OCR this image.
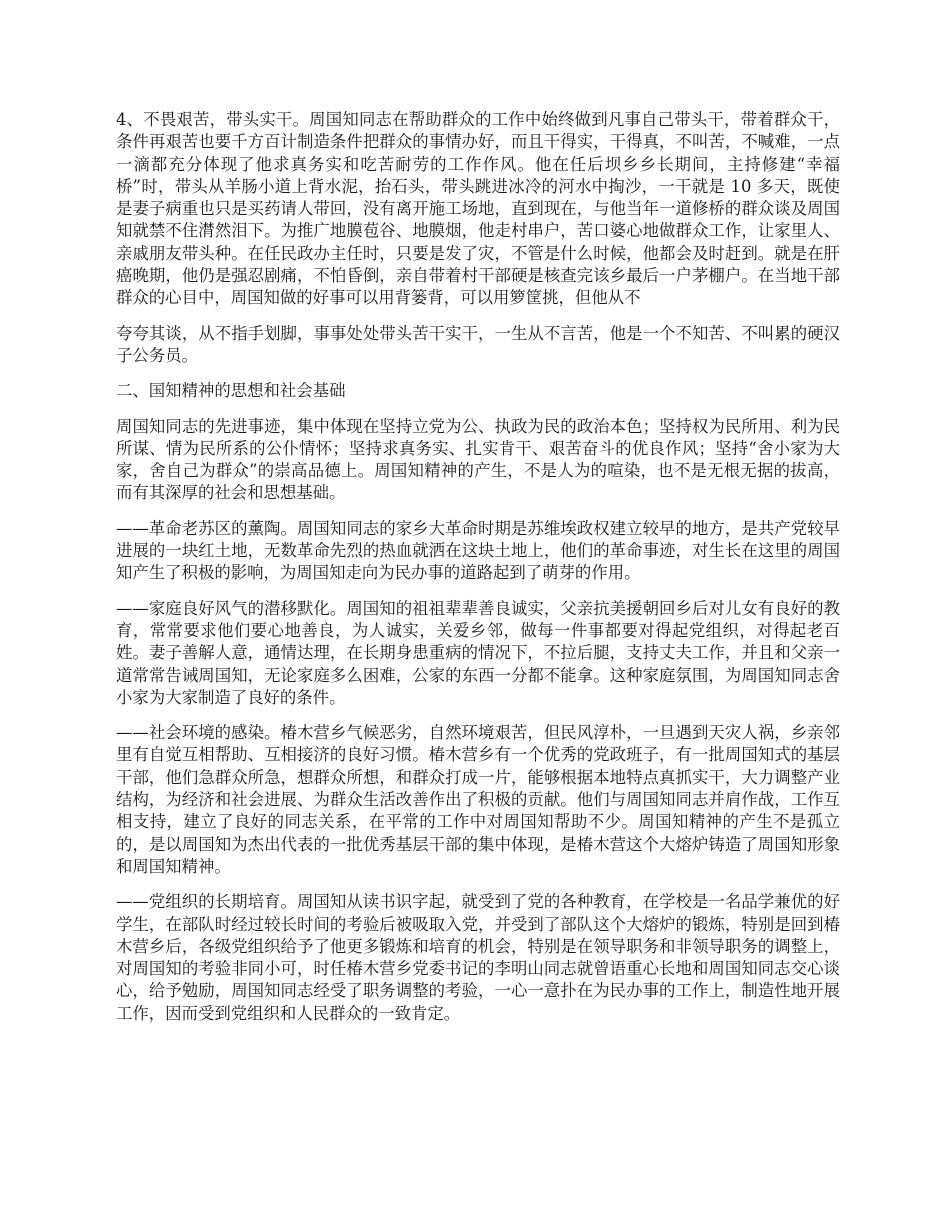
4、不畏艰苦，带头实干。周国知同志在帮助群众的工作中始终做到凡事自己带头干，带着群众干，条件再艰苦也要千方百计制造条件把群众的事情办好，而且干得实，干得真，不叫苦，不喊难，一点一滴都充分体现了他求真务实和吃苦耐劳的工作作风。他在任后坝乡乡长期间，主持修建“幸福桥”时，带头从羊肠小道上背水泥，抬石头，带头跳进冰冷的河水中掏沙，一干就是 10 多天，既使是妻子病重也只是买药请人带回，没有离开施工场地，直到现在，与他当年一道修桥的群众谈及周国知就禁不住潸然泪下。为推广地膜苞谷、地膜烟，他走村串户，苦口婆心地做群众工作，让家里人、亲戚朋友带头种。在任民政办主任时，只要是发了灾，不管是什么时候，他都会及时赶到。就是在肝癌晚期，他仍是强忍剧痛，不怕昏倒，亲自带着村干部硬是核查完该乡最后一户茅棚户。在当地干部群众的心目中，周国知做的好事可以用背篓背，可以用箩筐挑，但他从不

夸夸其谈，从不指手划脚，事事处处带头苦干实干，一生从不言苦，他是一个不知苦、不叫累的硬汉子公务员。

二、国知精神的思想和社会基础

周国知同志的先进事迹，集中体现在坚持立党为公、执政为民的政治本色；坚持权为民所用、利为民所谋、情为民所系的公仆情怀；坚持求真务实、扎实肯干、艰苦奋斗的优良作风；坚持“舍小家为大家，舍自己为群众”的崇高品德上。周国知精神的产生，不是人为的喧染，也不是无根无据的拔高，而有其深厚的社会和思想基础。

——革命老苏区的薰陶。周国知同志的家乡大革命时期是苏维埃政权建立较早的地方，是共产党较早进展的一块红土地，无数革命先烈的热血就洒在这块土地上，他们的革命事迹，对生长在这里的周国知产生了积极的影响，为周国知走向为民办事的道路起到了萌芽的作用。

——家庭良好风气的潜移默化。周国知的祖祖辈辈善良诚实，父亲抗美援朝回乡后对儿女有良好的教育，常常要求他们要心地善良，为人诚实，关爱乡邻，做每一件事都要对得起党组织，对得起老百姓。妻子善解人意，通情达理，在长期身患重病的情况下，不拉后腿，支持丈夫工作，并且和父亲一道常常告诫周国知，无论家庭多么困难，公家的东西一分都不能拿。这种家庭氛围，为周国知同志舍小家为大家制造了良好的条件。

——社会环境的感染。椿木营乡气候恶劣，自然环境艰苦，但民风淳朴，一旦遇到天灾人祸，乡亲邻里有自觉互相帮助、互相接济的良好习惯。椿木营乡有一个优秀的党政班子，有一批周国知式的基层干部，他们急群众所急，想群众所想，和群众打成一片，能够根据本地特点真抓实干，大力调整产业结构，为经济和社会进展、为群众生活改善作出了积极的贡献。他们与周国知同志并肩作战，工作互相支持，建立了良好的同志关系，在平常的工作中对周国知帮助不少。周国知精神的产生不是孤立的，是以周国知为杰出代表的一批优秀基层干部的集中体现，是椿木营这个大熔炉铸造了周国知形象和周国知精神。

——党组织的长期培育。周国知从读书识字起，就受到了党的各种教育，在学校是一名品学兼优的好学生，在部队时经过较长时间的考验后被吸取入党，并受到了部队这个大熔炉的锻炼，特别是回到椿木营乡后，各级党组织给予了他更多锻炼和培育的机会，特别是在领导职务和非领导职务的调整上，对周国知的考验非同小可，时任椿木营乡党委书记的李明山同志就曾语重心长地和周国知同志交心谈心，给予勉励，周国知同志经受了职务调整的考验，一心一意扑在为民办事的工作上，制造性地开展工作，因而受到党组织和人民群众的一致肯定。
